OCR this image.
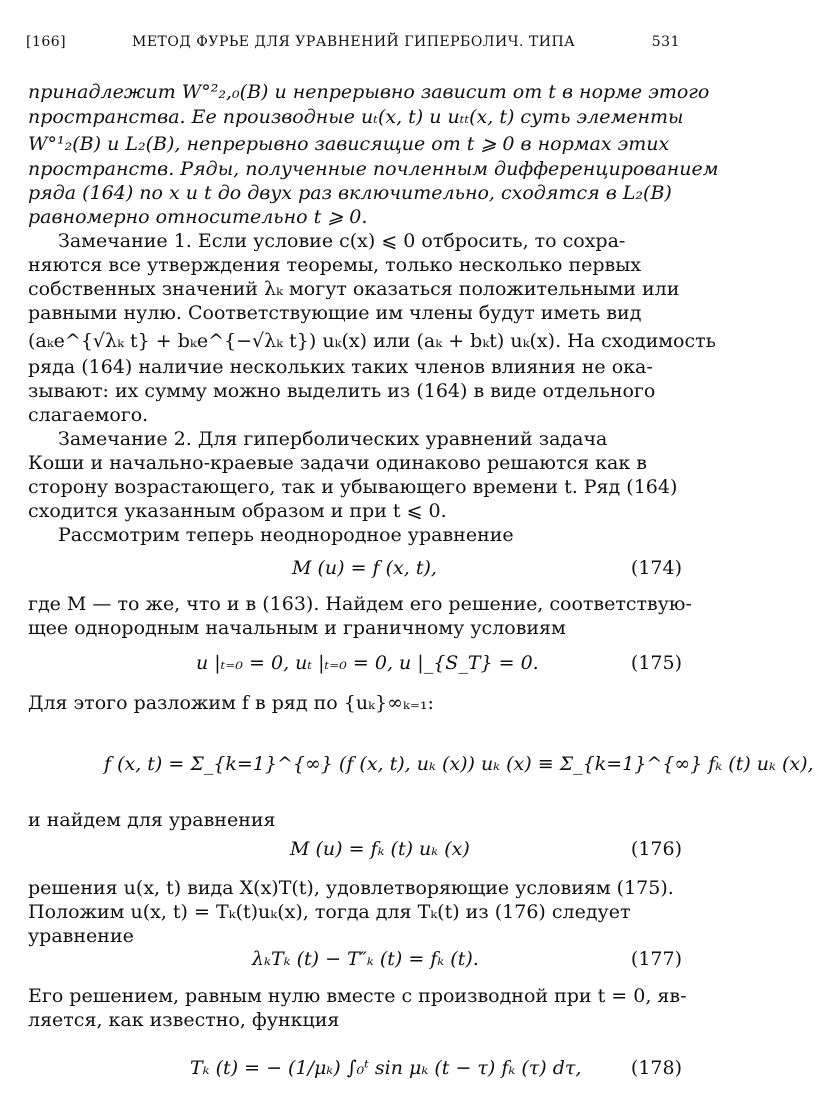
[166]	МЕТОД ФУРЬЕ ДЛЯ УРАВНЕНИЙ ГИПЕРБОЛИЧ. ТИПА	531
принадлежит W°²₂,₀(B) и непрерывно зависит от t в норме этого
пространства. Ее производные uₜ(x, t) и uₜₜ(x, t) суть элементы
W°¹₂(B) и L₂(B), непрерывно зависящие от t ⩾ 0 в нормах этих
пространств. Ряды, полученные почленным дифференцированием
ряда (164) по x и t до двух раз включительно, сходятся в L₂(B)
равномерно относительно t ⩾ 0.
Замечание 1. Если условие c(x) ⩽ 0 отбросить, то сохра-
няются все утверждения теоремы, только несколько первых
собственных значений λₖ могут оказаться положительными или
равными нулю. Соответствующие им члены будут иметь вид
(aₖe^{√λₖ t} + bₖe^{−√λₖ t}) uₖ(x) или (aₖ + bₖt) uₖ(x). На сходимость
ряда (164) наличие нескольких таких членов влияния не ока-
зывают: их сумму можно выделить из (164) в виде отдельного
слагаемого.
Замечание 2. Для гиперболических уравнений задача
Коши и начально-краевые задачи одинаково решаются как в
сторону возрастающего, так и убывающего времени t. Ряд (164)
сходится указанным образом и при t ⩽ 0.
Рассмотрим теперь неоднородное уравнение
M (u) = f (x, t),	(174)
где M — то же, что и в (163). Найдем его решение, соответствую-
щее однородным начальным и граничному условиям
u |ₜ₌₀ = 0, uₜ |ₜ₌₀ = 0, u |_{S_T} = 0.	(175)
Для этого разложим f в ряд по {uₖ}∞ₖ₌₁:
f (x, t) = Σ_{k=1}^{∞} (f (x, t), uₖ (x)) uₖ (x) ≡ Σ_{k=1}^{∞} fₖ (t) uₖ (x),
и найдем для уравнения
M (u) = fₖ (t) uₖ (x)	(176)
решения u(x, t) вида X(x)T(t), удовлетворяющие условиям (175).
Положим u(x, t) = Tₖ(t)uₖ(x), тогда для Tₖ(t) из (176) следует
уравнение
λₖTₖ (t) − T″ₖ (t) = fₖ (t).	(177)
Его решением, равным нулю вместе с производной при t = 0, яв-
ляется, как известно, функция
Tₖ (t) = − (1/μₖ) ∫₀ᵗ sin μₖ (t − τ) fₖ (τ) dτ,	(178)
